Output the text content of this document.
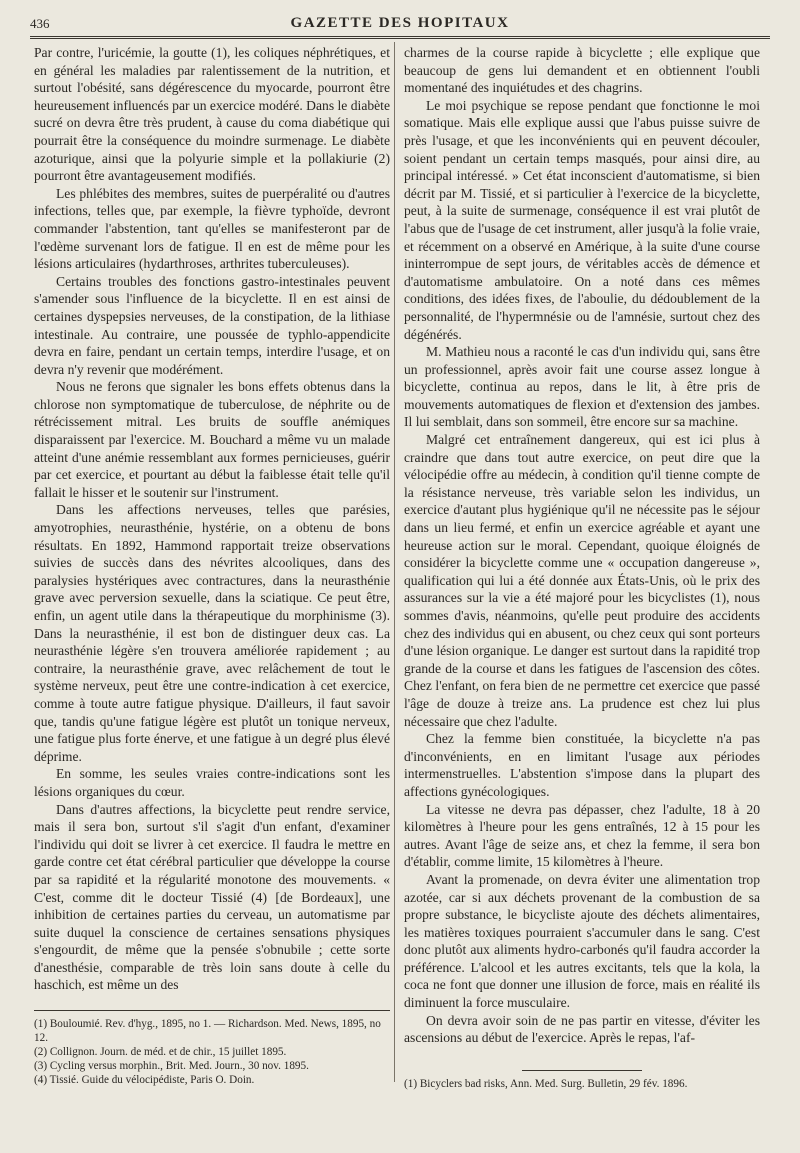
436	GAZETTE DES HOPITAUX

Par contre, l'uricémie, la goutte (1), les coliques néphrétiques, et en général les maladies par ralentissement de la nutrition, et surtout l'obésité, sans dégérescence du myocarde, pourront être heureusement influencés par un exercice modéré. Dans le diabète sucré on devra être très prudent, à cause du coma diabétique qui pourrait être la conséquence du moindre surmenage. Le diabète azoturique, ainsi que la polyurie simple et la pollakiurie (2) pourront être avantageusement modifiés.

Les phlébites des membres, suites de puerpéralité ou d'autres infections, telles que, par exemple, la fièvre typhoïde, devront commander l'abstention, tant qu'elles se manifesteront par de l'œdème survenant lors de fatigue. Il en est de même pour les lésions articulaires (hydarthroses, arthrites tuberculeuses).

Certains troubles des fonctions gastro-intestinales peuvent s'amender sous l'influence de la bicyclette. Il en est ainsi de certaines dyspepsies nerveuses, de la constipation, de la lithiase intestinale. Au contraire, une poussée de typhlo-appendicite devra en faire, pendant un certain temps, interdire l'usage, et on devra n'y revenir que modérément.

Nous ne ferons que signaler les bons effets obtenus dans la chlorose non symptomatique de tuberculose, de néphrite ou de rétrécissement mitral. Les bruits de souffle anémiques disparaissent par l'exercice. M. Bouchard a même vu un malade atteint d'une anémie ressemblant aux formes pernicieuses, guérir par cet exercice, et pourtant au début la faiblesse était telle qu'il fallait le hisser et le soutenir sur l'instrument.

Dans les affections nerveuses, telles que parésies, amyotrophies, neurasthénie, hystérie, on a obtenu de bons résultats. En 1892, Hammond rapportait treize observations suivies de succès dans des névrites alcooliques, dans des paralysies hystériques avec contractures, dans la neurasthénie grave avec perversion sexuelle, dans la sciatique. Ce peut être, enfin, un agent utile dans la thérapeutique du morphinisme (3). Dans la neurasthénie, il est bon de distinguer deux cas. La neurasthénie légère s'en trouvera améliorée rapidement ; au contraire, la neurasthénie grave, avec relâchement de tout le système nerveux, peut être une contre-indication à cet exercice, comme à toute autre fatigue physique. D'ailleurs, il faut savoir que, tandis qu'une fatigue légère est plutôt un tonique nerveux, une fatigue plus forte énerve, et une fatigue à un degré plus élevé déprime.

En somme, les seules vraies contre-indications sont les lésions organiques du cœur.

Dans d'autres affections, la bicyclette peut rendre service, mais il sera bon, surtout s'il s'agit d'un enfant, d'examiner l'individu qui doit se livrer à cet exercice. Il faudra le mettre en garde contre cet état cérébral particulier que développe la course par sa rapidité et la régularité monotone des mouvements. « C'est, comme dit le docteur Tissié (4) [de Bordeaux], une inhibition de certaines parties du cerveau, un automatisme par suite duquel la conscience de certaines sensations physiques s'engourdit, de même que la pensée s'obnubile ; cette sorte d'anesthésie, comparable de très loin sans doute à celle du haschich, est même un des

charmes de la course rapide à bicyclette ; elle explique que beaucoup de gens lui demandent et en obtiennent l'oubli momentané des inquiétudes et des chagrins.

Le moi psychique se repose pendant que fonctionne le moi somatique. Mais elle explique aussi que l'abus puisse suivre de près l'usage, et que les inconvénients qui en peuvent découler, soient pendant un certain temps masqués, pour ainsi dire, au principal intéressé. » Cet état inconscient d'automatisme, si bien décrit par M. Tissié, et si particulier à l'exercice de la bicyclette, peut, à la suite de surmenage, conséquence il est vrai plutôt de l'abus que de l'usage de cet instrument, aller jusqu'à la folie vraie, et récemment on a observé en Amérique, à la suite d'une course ininterrompue de sept jours, de véritables accès de démence et d'automatisme ambulatoire. On a noté dans ces mêmes conditions, des idées fixes, de l'aboulie, du dédoublement de la personnalité, de l'hypermnésie ou de l'amnésie, surtout chez des dégénérés.

M. Mathieu nous a raconté le cas d'un individu qui, sans être un professionnel, après avoir fait une course assez longue à bicyclette, continua au repos, dans le lit, à être pris de mouvements automatiques de flexion et d'extension des jambes. Il lui semblait, dans son sommeil, être encore sur sa machine.

Malgré cet entraînement dangereux, qui est ici plus à craindre que dans tout autre exercice, on peut dire que la vélocipédie offre au médecin, à condition qu'il tienne compte de la résistance nerveuse, très variable selon les individus, un exercice d'autant plus hygiénique qu'il ne nécessite pas le séjour dans un lieu fermé, et enfin un exercice agréable et ayant une heureuse action sur le moral. Cependant, quoique éloignés de considérer la bicyclette comme une « occupation dangereuse », qualification qui lui a été donnée aux États-Unis, où le prix des assurances sur la vie a été majoré pour les bicyclistes (1), nous sommes d'avis, néanmoins, qu'elle peut produire des accidents chez des individus qui en abusent, ou chez ceux qui sont porteurs d'une lésion organique. Le danger est surtout dans la rapidité trop grande de la course et dans les fatigues de l'ascension des côtes. Chez l'enfant, on fera bien de ne permettre cet exercice que passé l'âge de douze à treize ans. La prudence est chez lui plus nécessaire que chez l'adulte.

Chez la femme bien constituée, la bicyclette n'a pas d'inconvénients, en en limitant l'usage aux périodes intermenstruelles. L'abstention s'impose dans la plupart des affections gynécologiques.

La vitesse ne devra pas dépasser, chez l'adulte, 18 à 20 kilomètres à l'heure pour les gens entraînés, 12 à 15 pour les autres. Avant l'âge de seize ans, et chez la femme, il sera bon d'établir, comme limite, 15 kilomètres à l'heure.

Avant la promenade, on devra éviter une alimentation trop azotée, car si aux déchets provenant de la combustion de sa propre substance, le bicycliste ajoute des déchets alimentaires, les matières toxiques pourraient s'accumuler dans le sang. C'est donc plutôt aux aliments hydro-carbonés qu'il faudra accorder la préférence. L'alcool et les autres excitants, tels que la kola, la coca ne font que donner une illusion de force, mais en réalité ils diminuent la force musculaire.

On devra avoir soin de ne pas partir en vitesse, d'éviter les ascensions au début de l'exercice. Après le repas, l'af-

(1) Bouloumié. Rev. d'hyg., 1895, no 1. — Richardson. Med. News, 1895, no 12.
(2) Collignon. Journ. de méd. et de chir., 15 juillet 1895.
(3) Cycling versus morphin., Brit. Med. Journ., 30 nov. 1895.
(4) Tissié. Guide du vélocipédiste, Paris O. Doin.	(1) Bicyclers bad risks, Ann. Med. Surg. Bulletin, 29 fév. 1896.
